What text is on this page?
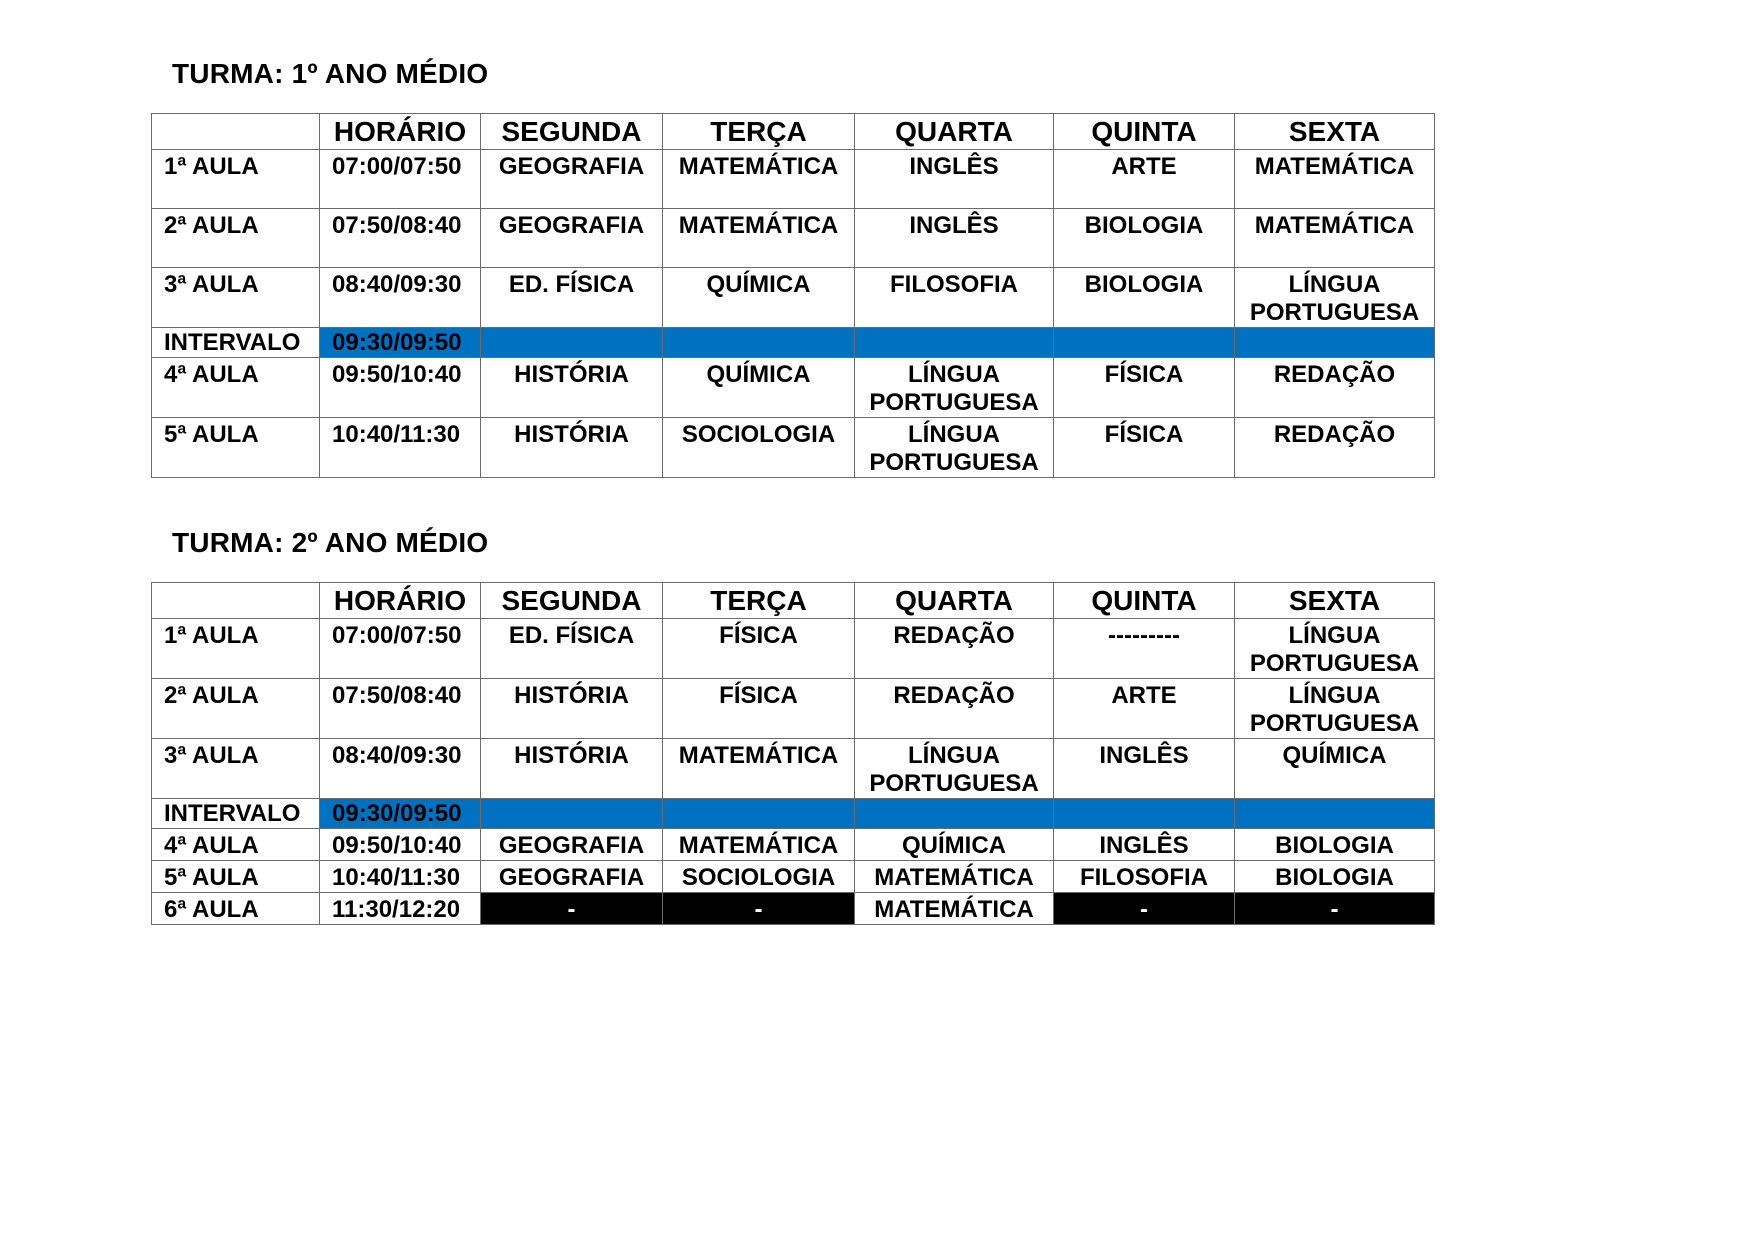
TURMA: 1º ANO MÉDIO
	HORÁRIO	SEGUNDA	TERÇA	QUARTA	QUINTA	SEXTA
1ª AULA	07:00/07:50	GEOGRAFIA	MATEMÁTICA	INGLÊS	ARTE	MATEMÁTICA
2ª AULA	07:50/08:40	GEOGRAFIA	MATEMÁTICA	INGLÊS	BIOLOGIA	MATEMÁTICA
3ª AULA	08:40/09:30	ED. FÍSICA	QUÍMICA	FILOSOFIA	BIOLOGIA	LÍNGUA PORTUGUESA
INTERVALO	09:30/09:50					
4ª AULA	09:50/10:40	HISTÓRIA	QUÍMICA	LÍNGUA PORTUGUESA	FÍSICA	REDAÇÃO
5ª AULA	10:40/11:30	HISTÓRIA	SOCIOLOGIA	LÍNGUA PORTUGUESA	FÍSICA	REDAÇÃO
TURMA: 2º ANO MÉDIO
	HORÁRIO	SEGUNDA	TERÇA	QUARTA	QUINTA	SEXTA
1ª AULA	07:00/07:50	ED. FÍSICA	FÍSICA	REDAÇÃO	---------	LÍNGUA PORTUGUESA
2ª AULA	07:50/08:40	HISTÓRIA	FÍSICA	REDAÇÃO	ARTE	LÍNGUA PORTUGUESA
3ª AULA	08:40/09:30	HISTÓRIA	MATEMÁTICA	LÍNGUA PORTUGUESA	INGLÊS	QUÍMICA
INTERVALO	09:30/09:50					
4ª AULA	09:50/10:40	GEOGRAFIA	MATEMÁTICA	QUÍMICA	INGLÊS	BIOLOGIA
5ª AULA	10:40/11:30	GEOGRAFIA	SOCIOLOGIA	MATEMÁTICA	FILOSOFIA	BIOLOGIA
6ª AULA	11:30/12:20	-	-	MATEMÁTICA	-	-
